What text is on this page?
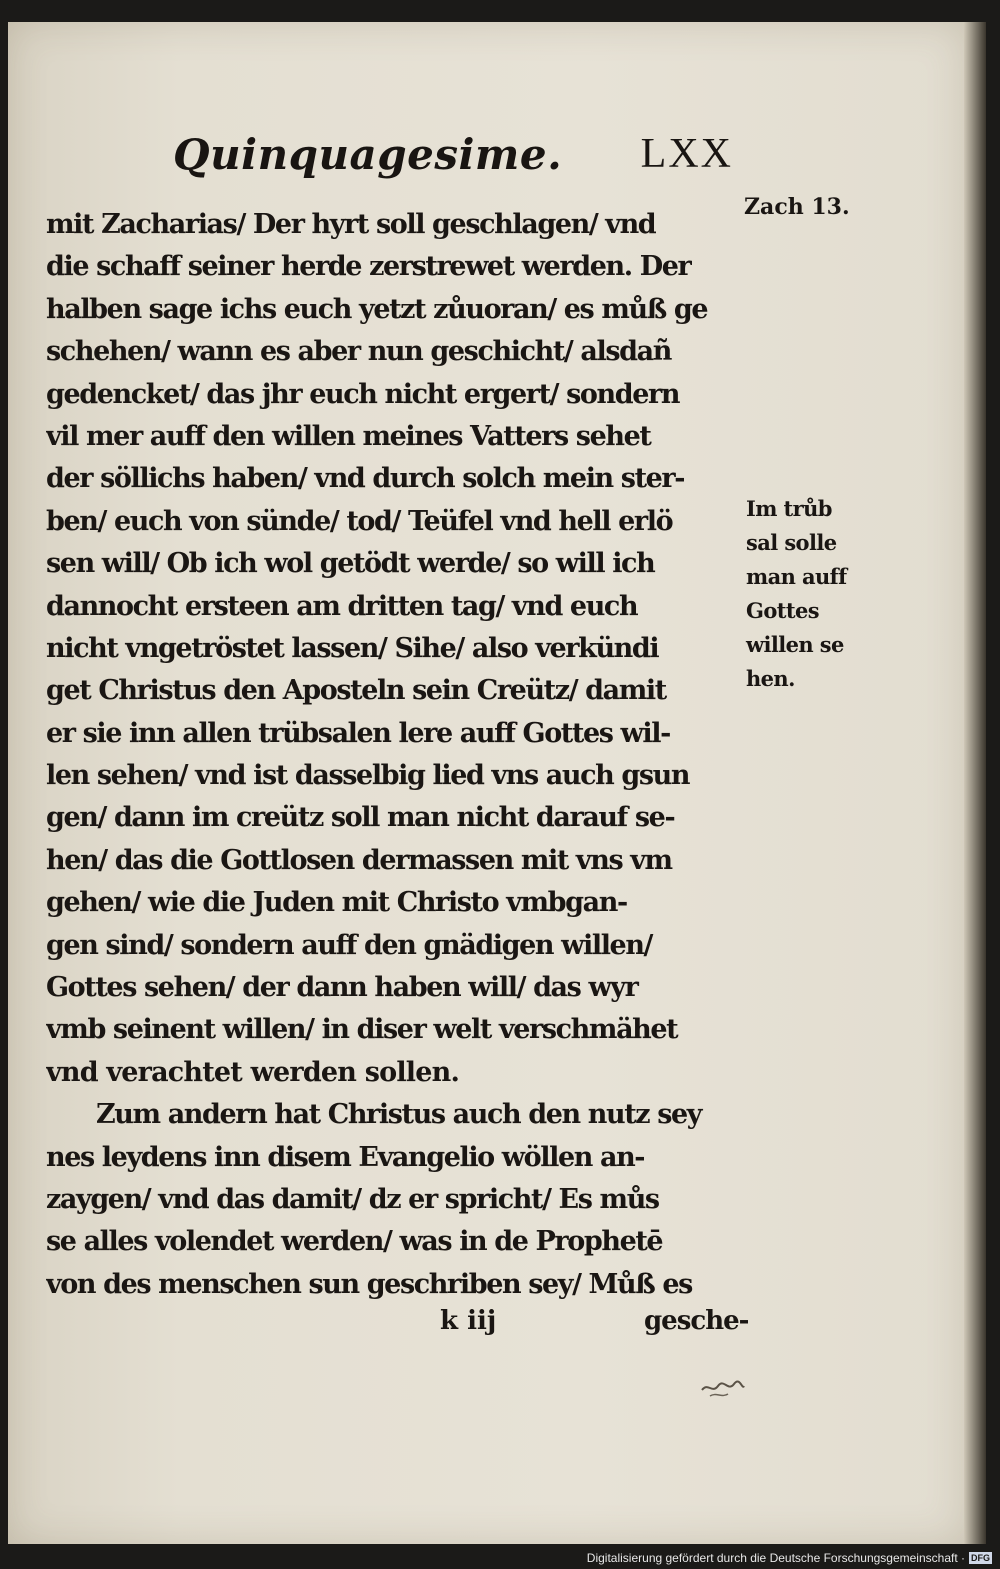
Quinquagesime. LXX
mit Zacharias/ Der hyrt soll geschlagen/ vnd
die schaff seiner herde zerstrewet werden. Der
halben sage ichs euch yetzt zůuoran/ es můß ge
schehen/ wann es aber nun geschicht/ alsdañ
gedencket/ das jhr euch nicht ergert/ sondern
vil mer auff den willen meines Vatters sehet
der söllichs haben/ vnd durch solch mein ster-
ben/ euch von sünde/ tod/ Teüfel vnd hell erlö
sen will/ Ob ich wol getödt werde/ so will ich
dannocht ersteen am dritten tag/ vnd euch
nicht vngetröstet lassen/ Sihe/ also verkündi
get Christus den Aposteln sein Creütz/ damit
er sie inn allen trübsalen lere auff Gottes wil-
len sehen/ vnd ist dasselbig lied vns auch gsun
gen/ dann im creütz soll man nicht darauf se-
hen/ das die Gottlosen dermassen mit vns vm
gehen/ wie die Juden mit Christo vmbgan-
gen sind/ sondern auff den gnädigen willen/
Gottes sehen/ der dann haben will/ das wyr
vmb seinent willen/ in diser welt verschmähet
vnd verachtet werden sollen.
Zum andern hat Christus auch den nutz sey
nes leydens inn disem Evangelio wöllen an-
zaygen/ vnd das damit/ dz er spricht/ Es můs
se alles volendet werden/ was in de Prophetē
von des menschen sun geschriben sey/ Můß es
Zach 13.
Im trůb
sal solle
man auff
Gottes
willen se
hen.
k iij	gesche-
Digitalisierung gefördert durch die Deutsche Forschungsgemeinschaft · DFG
